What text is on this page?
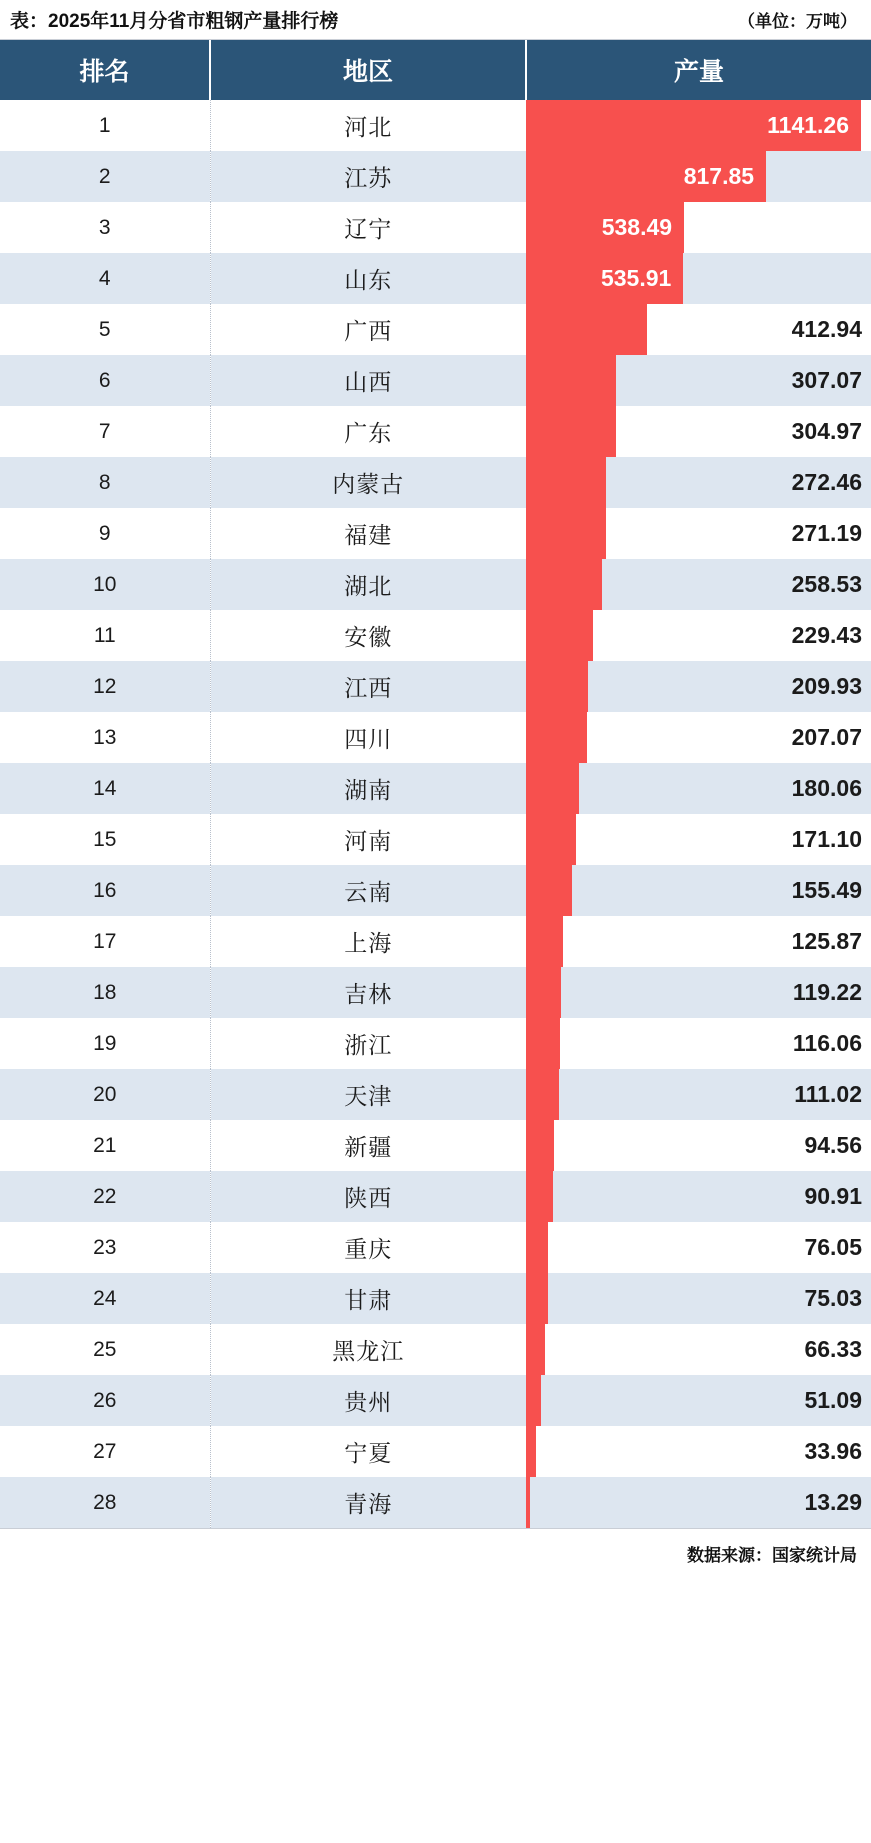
表：2025年11月分省市粗钢产量排行榜	（单位：万吨）
排名	地区	产量
1	河北	1141.26

2	江苏	817.85

3	辽宁	538.49

4	山东	535.91

5	广西	412.94

6	山西	307.07

7	广东	304.97

8	内蒙古	272.46

9	福建	271.19

10	湖北	258.53

11	安徽	229.43

12	江西	209.93

13	四川	207.07

14	湖南	180.06

15	河南	171.10

16	云南	155.49

17	上海	125.87

18	吉林	119.22

19	浙江	116.06

20	天津	111.02

21	新疆	94.56

22	陕西	90.91

23	重庆	76.05

24	甘肃	75.03

25	黑龙江	66.33

26	贵州	51.09

27	宁夏	33.96

28	青海	13.29
数据来源：国家统计局
